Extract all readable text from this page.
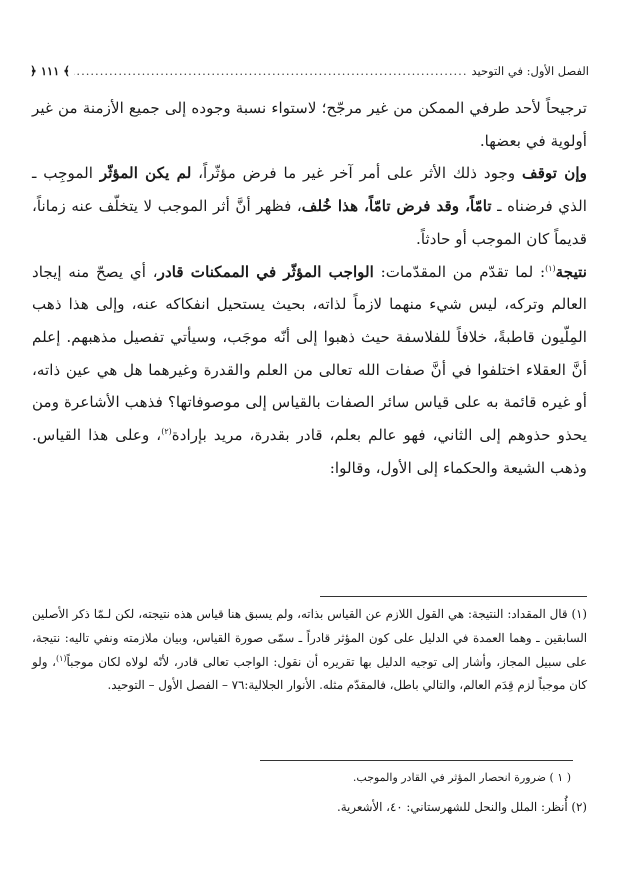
الفصل الأول: في التوحيد
.....
﴾ ١١١ ﴿

ترجيحاً لأحد طرفي الممكن من غير مرجّح؛ لاستواء نسبة وجوده إلى جميع الأزمنة من غير أولوية في بعضها.

وإن توقف وجود ذلك الأثر على أمر آخر غير ما فرض مؤثّراً، لم يكن المؤثّر الموجِب ـ الذي فرضناه ـ تامّاً، وقد فرض تامّاً، هذا خُلف، فظهر أنَّ أثر الموجب لا يتخلّف عنه زماناً، قديماً كان الموجب أو حادثاً.

نتيجة$^{(١)}$: لما تقدّم من المقدّمات: الواجب المؤثّر في الممكنات قادر، أي يصحّ منه إيجاد العالم وتركه، ليس شيء منهما لازماً لذاته، بحيث يستحيل انفكاكه عنه، وإلى هذا ذهب المِلّيون قاطبةً، خلافاً للفلاسفة حيث ذهبوا إلى أنّه موجَب، وسيأتي تفصيل مذهبهم. إعلم أنَّ العقلاء اختلفوا في أنَّ صفات الله تعالى من العلم والقدرة وغيرهما هل هي عين ذاته، أو غيره قائمة به على قياس سائر الصفات بالقياس إلى موصوفاتها؟ فذهب الأشاعرة ومن يحذو حذوهم إلى الثاني، فهو عالم بعلم، قادر بقدرة، مريد بإرادة$^{(٢)}$، وعلى هذا القياس. وذهب الشيعة والحكماء إلى الأول، وقالوا:

(١) قال المقداد: النتيجة: هي القول اللازم عن القياس بذاته، ولم يسبق هنا قياس هذه نتيجته، لكن لـمّا ذكر الأصلين السابقين ـ وهما العمدة في الدليل على كون المؤثر قادراً ـ سمّى صورة القياس، وبيان ملازمته ونفي تاليه: نتيجة، على سبيل المجاز، وأشار إلى توجيه الدليل بها تقريره أن نقول: الواجب تعالى قادر، لأنّه لولاه لكان موجباً$^{(١)}$، ولو كان موجباً لزم قِدَم العالم، والتالي باطل، فالمقدّم مثله. الأنوار الجلالية:٧٦ – الفصل الأول – التوحيد.

( ١ ) ضرورة انحصار المؤثر في القادر والموجب.
(٢) أُنظر: الملل والنحل للشهرستاني: ٤٠، الأشعرية.
